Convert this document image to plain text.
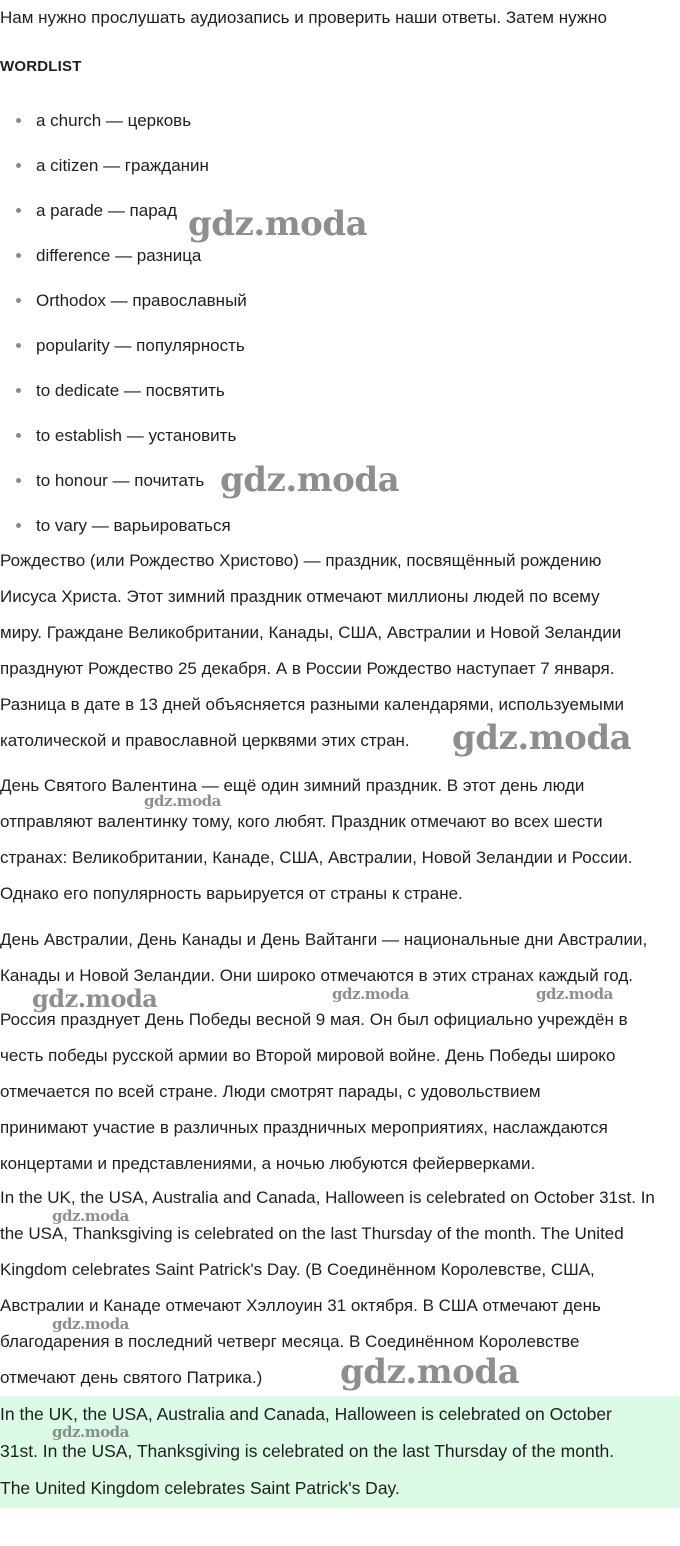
Нам нужно прослушать аудиозапись и проверить наши ответы. Затем нужно

WORDLIST
a church — церковь
a citizen — гражданин
a parade — парад
difference — разница
Orthodox — православный
popularity — популярность
to dedicate — посвятить
to establish — установить
to honour — почитать
to vary — варьироваться
Рождество (или Рождество Христово) — праздник, посвящённый рождению
Иисуса Христа. Этот зимний праздник отмечают миллионы людей по всему
миру. Граждане Великобритании, Канады, США, Австралии и Новой Зеландии
празднуют Рождество 25 декабря. А в России Рождество наступает 7 января.
Разница в дате в 13 дней объясняется разными календарями, используемыми
католической и православной церквями этих стран.
День Святого Валентина — ещё один зимний праздник. В этот день люди
отправляют валентинку тому, кого любят. Праздник отмечают во всех шести
странах: Великобритании, Канаде, США, Австралии, Новой Зеландии и России.
Однако его популярность варьируется от страны к стране.
День Австралии, День Канады и День Вайтанги — национальные дни Австралии,
Канады и Новой Зеландии. Они широко отмечаются в этих странах каждый год.
Россия празднует День Победы весной 9 мая. Он был официально учреждён в
честь победы русской армии во Второй мировой войне. День Победы широко
отмечается по всей стране. Люди смотрят парады, с удовольствием
принимают участие в различных праздничных мероприятиях, наслаждаются
концертами и представлениями, а ночью любуются фейерверками.
In the UK, the USA, Australia and Canada, Halloween is celebrated on October 31st. In
the USA, Thanksgiving is celebrated on the last Thursday of the month. The United
Kingdom celebrates Saint Patrick's Day. (В Соединённом Королевстве, США,
Австралии и Канаде отмечают Хэллоуин 31 октября. В США отмечают день
благодарения в последний четверг месяца. В Соединённом Королевстве
отмечают день святого Патрика.)
In the UK, the USA, Australia and Canada, Halloween is celebrated on October
31st. In the USA, Thanksgiving is celebrated on the last Thursday of the month.
The United Kingdom celebrates Saint Patrick's Day.
gdz.moda
gdz.moda
gdz.moda
gdz.moda
gdz.moda	gdz.moda	gdz.moda
gdz.moda
gdz.moda
gdz.moda
gdz.moda
